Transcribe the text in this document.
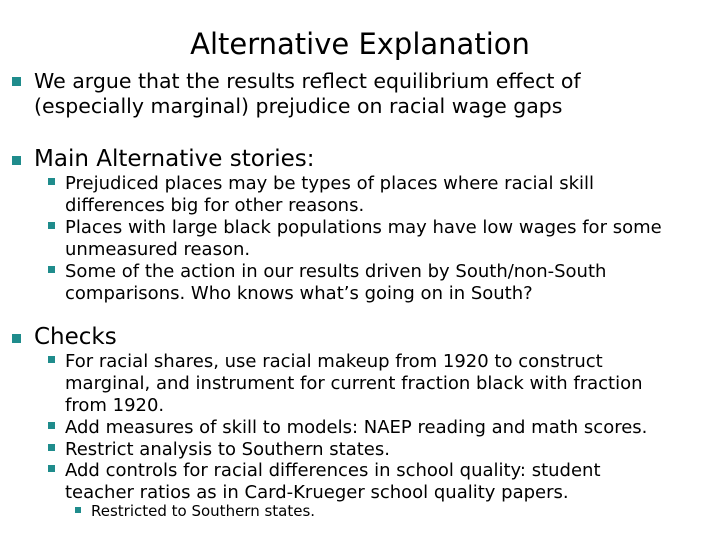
Alternative Explanation
We argue that the results reflect equilibrium effect of
(especially marginal) prejudice on racial wage gaps
Main Alternative stories:
Prejudiced places may be types of places where racial skill
differences big for other reasons.
Places with large black populations may have low wages for some
unmeasured reason.
Some of the action in our results driven by South/non-South
comparisons. Who knows what’s going on in South?
Checks
For racial shares, use racial makeup from 1920 to construct
marginal, and instrument for current fraction black with fraction
from 1920.
Add measures of skill to models: NAEP reading and math scores.
Restrict analysis to Southern states.
Add controls for racial differences in school quality: student
teacher ratios as in Card-Krueger school quality papers.
Restricted to Southern states.
